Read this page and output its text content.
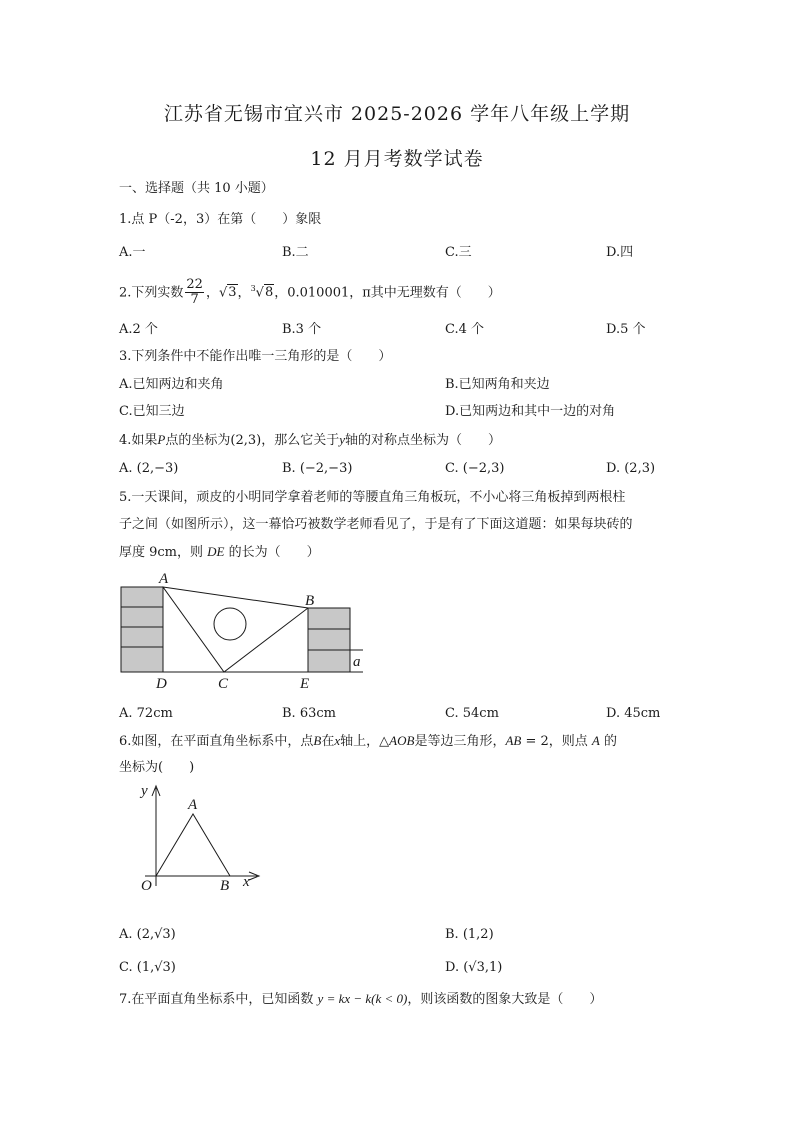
江苏省无锡市宜兴市 2025-2026 学年八年级上学期
12 月月考数学试卷
一、选择题（共 10 小题）
1.点 P（-2，3）在第（　　）象限
A.一	B.二	C.三	D.四
2.下列实数 $\frac{22}{7}$ ，√3，$^3$√8，0.010001，π其中无理数有（　　）
A.2 个	B.3 个	C.4 个	D.5 个
3.下列条件中不能作出唯一三角形的是（　　）
A.已知两边和夹角	B.已知两角和夹边
C.已知三边	D.已知两边和其中一边的对角
4.如果P点的坐标为(2,3)，那么它关于y轴的对称点坐标为（　　）
A. (2,−3)	B. (−2,−3)	C. (−2,3)	D. (2,3)
5.一天课间，顽皮的小明同学拿着老师的等腰直角三角板玩，不小心将三角板掉到两根柱
子之间（如图所示），这一幕恰巧被数学老师看见了，于是有了下面这道题：如果每块砖的
厚度 9cm，则 DE 的长为（　　）
A
B
C
D	E
a
A. 72cm	B. 63cm	C. 54cm	D. 45cm
6.如图，在平面直角坐标系中，点B在x轴上，△AOB是等边三角形，AB = 2，则点 A 的
坐标为(　　)
y
A
O	B x
A. (2,√3)	B. (1,2)
C. (1,√3)	D. (√3,1)
7.在平面直角坐标系中，已知函数 y = kx − k(k < 0)，则该函数的图象大致是（　　）
